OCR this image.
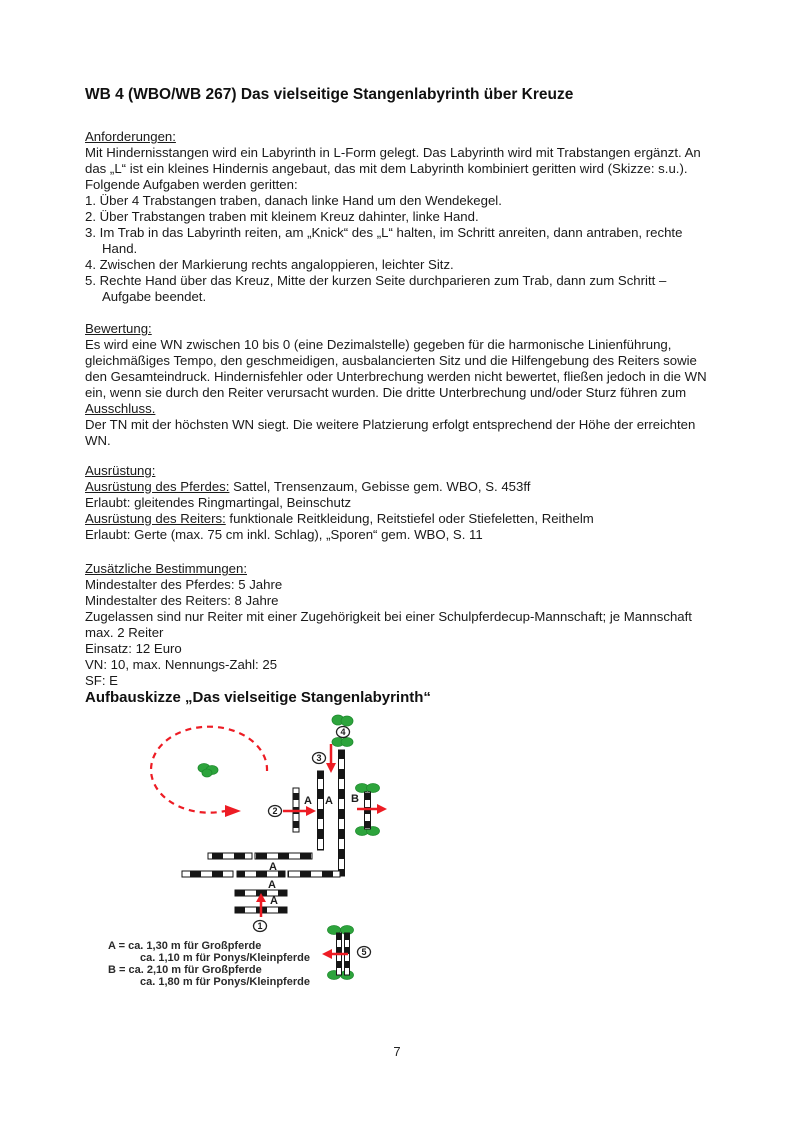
WB 4 (WBO/WB 267) Das vielseitige Stangenlabyrinth über Kreuze

Anforderungen:

Mit Hindernisstangen wird ein Labyrinth in L-Form gelegt. Das Labyrinth wird mit Trabstangen ergänzt. An das „L“ ist ein kleines Hindernis angebaut, das mit dem Labyrinth kombiniert geritten wird (Skizze: s.u.).

Folgende Aufgaben werden geritten:

1. Über 4 Trabstangen traben, danach linke Hand um den Wendekegel.
2. Über Trabstangen traben mit kleinem Kreuz dahinter, linke Hand.
3. Im Trab in das Labyrinth reiten, am „Knick“ des „L“ halten, im Schritt anreiten, dann antraben, rechte Hand.
4. Zwischen der Markierung rechts angaloppieren, leichter Sitz.
5. Rechte Hand über das Kreuz, Mitte der kurzen Seite durchparieren zum Trab, dann zum Schritt – Aufgabe beendet.

Bewertung:

Es wird eine WN zwischen 10 bis 0 (eine Dezimalstelle) gegeben für die harmonische Linienführung, gleichmäßiges Tempo, den geschmeidigen, ausbalancierten Sitz und die Hilfengebung des Reiters sowie den Gesamteindruck. Hindernisfehler oder Unterbrechung werden nicht bewertet, fließen jedoch in die WN ein, wenn sie durch den Reiter verursacht wurden. Die dritte Unterbrechung und/oder Sturz führen zum Ausschluss.

Der TN mit der höchsten WN siegt. Die weitere Platzierung erfolgt entsprechend der Höhe der erreichten WN.

Ausrüstung:

Ausrüstung des Pferdes: Sattel, Trensenzaum, Gebisse gem. WBO, S. 453ff

Erlaubt: gleitendes Ringmartingal, Beinschutz

Ausrüstung des Reiters: funktionale Reitkleidung, Reitstiefel oder Stiefeletten, Reithelm

Erlaubt: Gerte (max. 75 cm inkl. Schlag), „Sporen“ gem. WBO, S. 11

Zusätzliche Bestimmungen:

Mindestalter des Pferdes: 5 Jahre

Mindestalter des Reiters: 8 Jahre

Zugelassen sind nur Reiter mit einer Zugehörigkeit bei einer Schulpferdecup-Mannschaft; je Mannschaft max. 2 Reiter

Einsatz: 12 Euro

VN: 10, max. Nennungs-Zahl: 25

SF: E

Aufbauskizze „Das vielseitige Stangenlabyrinth“
1
2
3
4
5
A A B
A
A
A
A = ca. 1,30 m für Großpferde
ca. 1,10 m für Ponys/Kleinpferde
B = ca. 2,10 m für Großpferde
ca. 1,80 m für Ponys/Kleinpferde
7
